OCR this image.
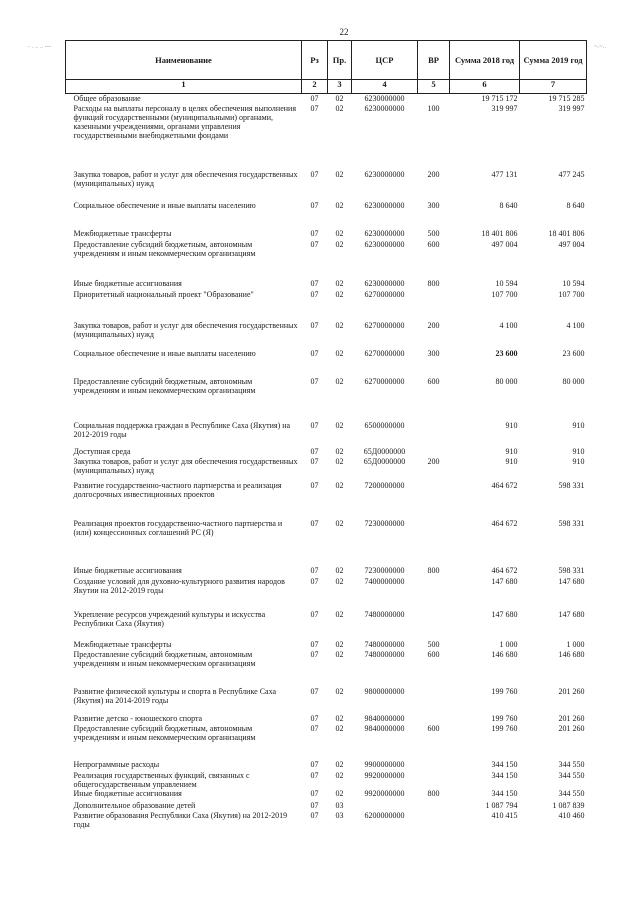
22
- . .. .. —	~.~..
Наименование	Рз	Пр.	ЦСР	ВР	Сумма 2018 год	Сумма 2019 год
1	2	3	4	5	6	7
Общее образование	07	02	6230000000		19 715 172	19 715 285
Расходы на выплаты персоналу в целях обеспечения выполнения функций государственными (муниципальными) органами, казенными учреждениями, органами управления государственными внебюджетными фондами	07	02	6230000000	100	319 997	319 997
Закупка товаров, работ и услуг для обеспечения государственных (муниципальных) нужд	07	02	6230000000	200	477 131	477 245
Социальное обеспечение и иные выплаты населению	07	02	6230000000	300	8 640	8 640
Межбюджетные трансферты	07	02	6230000000	500	18 401 806	18 401 806
Предоставление субсидий бюджетным, автономным учреждениям и иным некоммерческим организациям	07	02	6230000000	600	497 004	497 004
Иные бюджетные ассигнования	07	02	6230000000	800	10 594	10 594
Приоритетный национальный проект "Образование"	07	02	6270000000		107 700	107 700
Закупка товаров, работ и услуг для обеспечения государственных (муниципальных) нужд	07	02	6270000000	200	4 100	4 100
Социальное обеспечение и иные выплаты населению	07	02	6270000000	300	23 600	23 600
Предоставление субсидий бюджетным, автономным учреждениям и иным некоммерческим организациям	07	02	6270000000	600	80 000	80 000
Социальная поддержка граждан в Республике Саха (Якутия) на 2012-2019 годы	07	02	6500000000		910	910
Доступная среда	07	02	65Д0000000		910	910
Закупка товаров, работ и услуг для обеспечения государственных (муниципальных) нужд	07	02	65Д0000000	200	910	910
Развитие государственно-частного партнерства и реализация долгосрочных инвестиционных проектов	07	02	7200000000		464 672	598 331
Реализация проектов государственно-частного партнерства и (или) концессионных соглашений РС (Я)	07	02	7230000000		464 672	598 331
Иные бюджетные ассигнования	07	02	7230000000	800	464 672	598 331
Создание условий для духовно-культурного развития народов Якутии на 2012-2019 годы	07	02	7400000000		147 680	147 680
Укрепление ресурсов учреждений культуры и искусства Республики Саха (Якутия)	07	02	7480000000		147 680	147 680
Межбюджетные трансферты	07	02	7480000000	500	1 000	1 000
Предоставление субсидий бюджетным, автономным учреждениям и иным некоммерческим организациям	07	02	7480000000	600	146 680	146 680
Развитие физической культуры и спорта в Республике Саха (Якутия) на 2014-2019 годы	07	02	9800000000		199 760	201 260
Развитие детско - юношеского спорта	07	02	9840000000		199 760	201 260
Предоставление субсидий бюджетным, автономным учреждениям и иным некоммерческим организациям	07	02	9840000000	600	199 760	201 260
Непрограммные расходы	07	02	9900000000		344 150	344 550
Реализация государственных функций, связанных с общегосударственным управлением	07	02	9920000000		344 150	344 550
Иные бюджетные ассигнования	07	02	9920000000	800	344 150	344 550
Дополнительное образование детей	07	03			1 087 794	1 087 839
Развитие образования Республики Саха (Якутия) на 2012-2019 годы	07	03	6200000000		410 415	410 460
